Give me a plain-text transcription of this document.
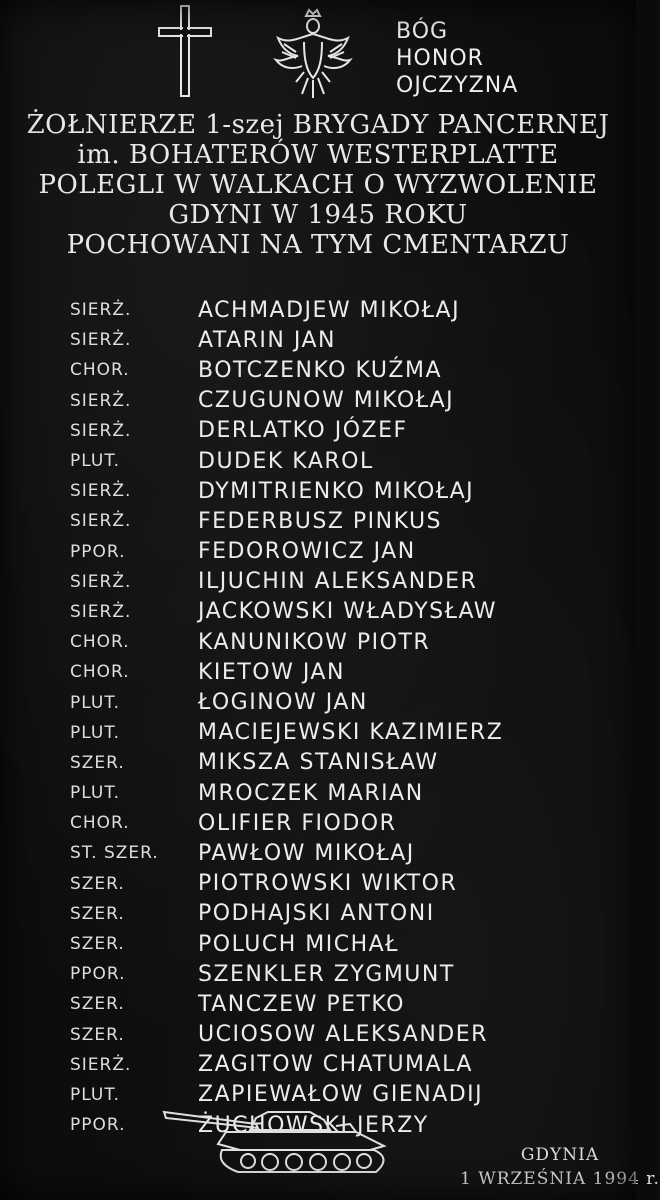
BÓG
HONOR
OJCZYZNA
ŻOŁNIERZE 1-szej BRYGADY PANCERNEJ
im. BOHATERÓW WESTERPLATTE
POLEGLI W WALKACH O WYZWOLENIE
GDYNI W 1945 ROKU
POCHOWANI NA TYM CMENTARZU
SIERŻ.	ACHMADJEW MIKOŁAJ
SIERŻ.	ATARIN JAN
CHOR.	BOTCZENKO KUŹMA
SIERŻ.	CZUGUNOW MIKOŁAJ
SIERŻ.	DERLATKO JÓZEF
PLUT.	DUDEK KAROL
SIERŻ.	DYMITRIENKO MIKOŁAJ
SIERŻ.	FEDERBUSZ PINKUS
PPOR.	FEDOROWICZ JAN
SIERŻ.	ILJUCHIN ALEKSANDER
SIERŻ.	JACKOWSKI WŁADYSŁAW
CHOR.	KANUNIKOW PIOTR
CHOR.	KIETOW JAN
PLUT.	ŁOGINOW JAN
PLUT.	MACIEJEWSKI KAZIMIERZ
SZER.	MIKSZA STANISŁAW
PLUT.	MROCZEK MARIAN
CHOR.	OLIFIER FIODOR
ST. SZER.	PAWŁOW MIKOŁAJ
SZER.	PIOTROWSKI WIKTOR
SZER.	PODHAJSKI ANTONI
SZER.	POLUCH MICHAŁ
PPOR.	SZENKLER ZYGMUNT
SZER.	TANCZEW PETKO
SZER.	UCIOSOW ALEKSANDER
SIERŻ.	ZAGITOW CHATUMALA
PLUT.	ZAPIEWAŁOW GIENADIJ
PPOR.	ŻUCHOWSKI JERZY
GDYNIA
1 WRZEŚNIA 1994 r.
